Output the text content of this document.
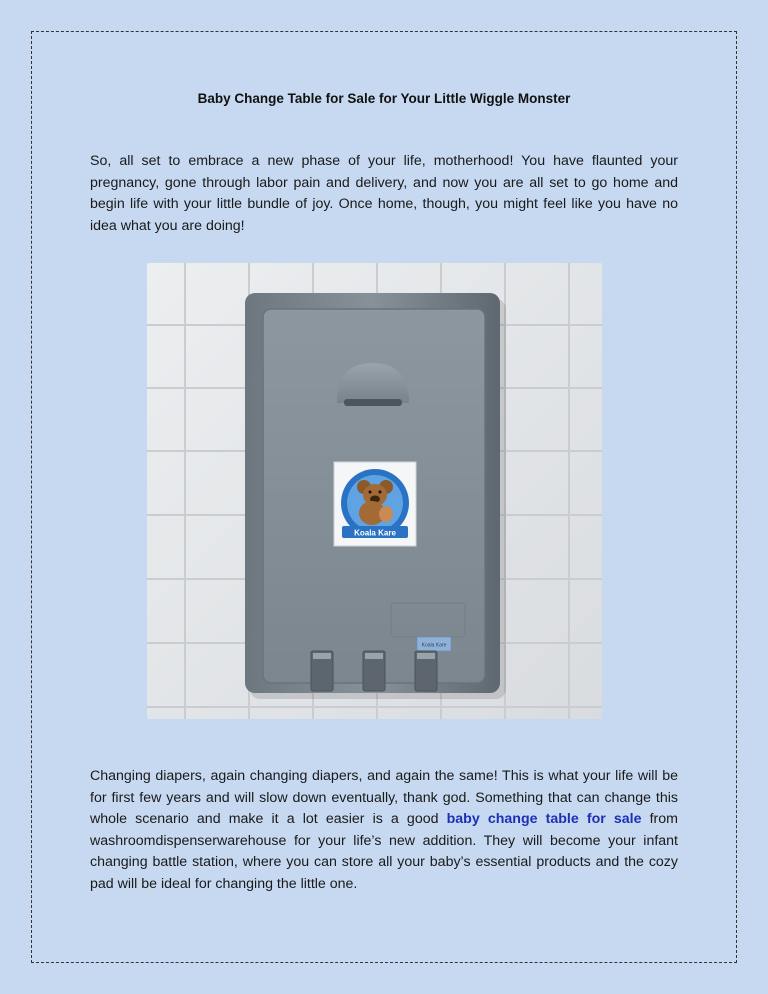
Baby Change Table for Sale for Your Little Wiggle Monster

So, all set to embrace a new phase of your life, motherhood! You have flaunted your pregnancy, gone through labor pain and delivery, and now you are all set to go home and begin life with your little bundle of joy. Once home, though, you might feel like you have no idea what you are doing!

Koala Kare
Koala Kare

Changing diapers, again changing diapers, and again the same! This is what your life will be for first few years and will slow down eventually, thank god. Something that can change this whole scenario and make it a lot easier is a good baby change table for sale from washroomdispenserwarehouse for your life’s new addition. They will become your infant changing battle station, where you can store all your baby’s essential products and the cozy pad will be ideal for changing the little one.
